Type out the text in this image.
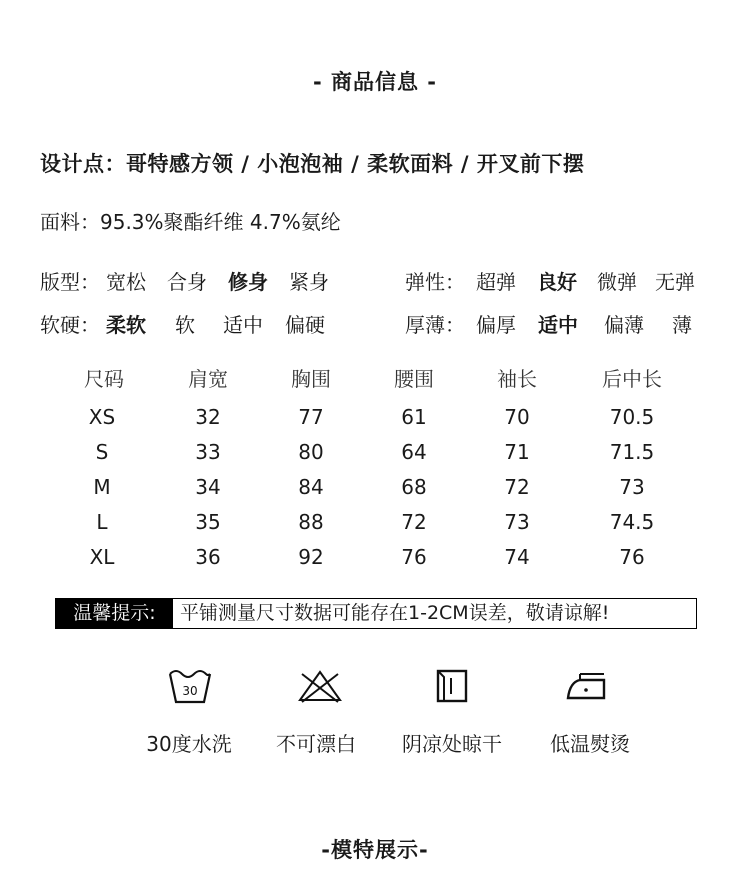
- 商品信息 -
设计点：哥特感方领 / 小泡泡袖 / 柔软面料 / 开叉前下摆
面料：95.3%聚酯纤维 4.7%氨纶
版型： 宽松 合身 修身 紧身	弹性： 超弹 良好 微弹 无弹
软硬： 柔软 软 适中 偏硬	厚薄： 偏厚 适中 偏薄 薄
尺码	肩宽	胸围	腰围	袖长	后中长
XS	32	77	61	70	70.5
S	33	80	64	71	71.5
M	34	84	68	72	73
L	35	88	72	73	74.5
XL	36	92	76	74	76
温馨提示:	平铺测量尺寸数据可能存在1-2CM误差，敬请谅解!
30
30度水洗	不可漂白	阴凉处晾干	低温熨烫
-模特展示-
